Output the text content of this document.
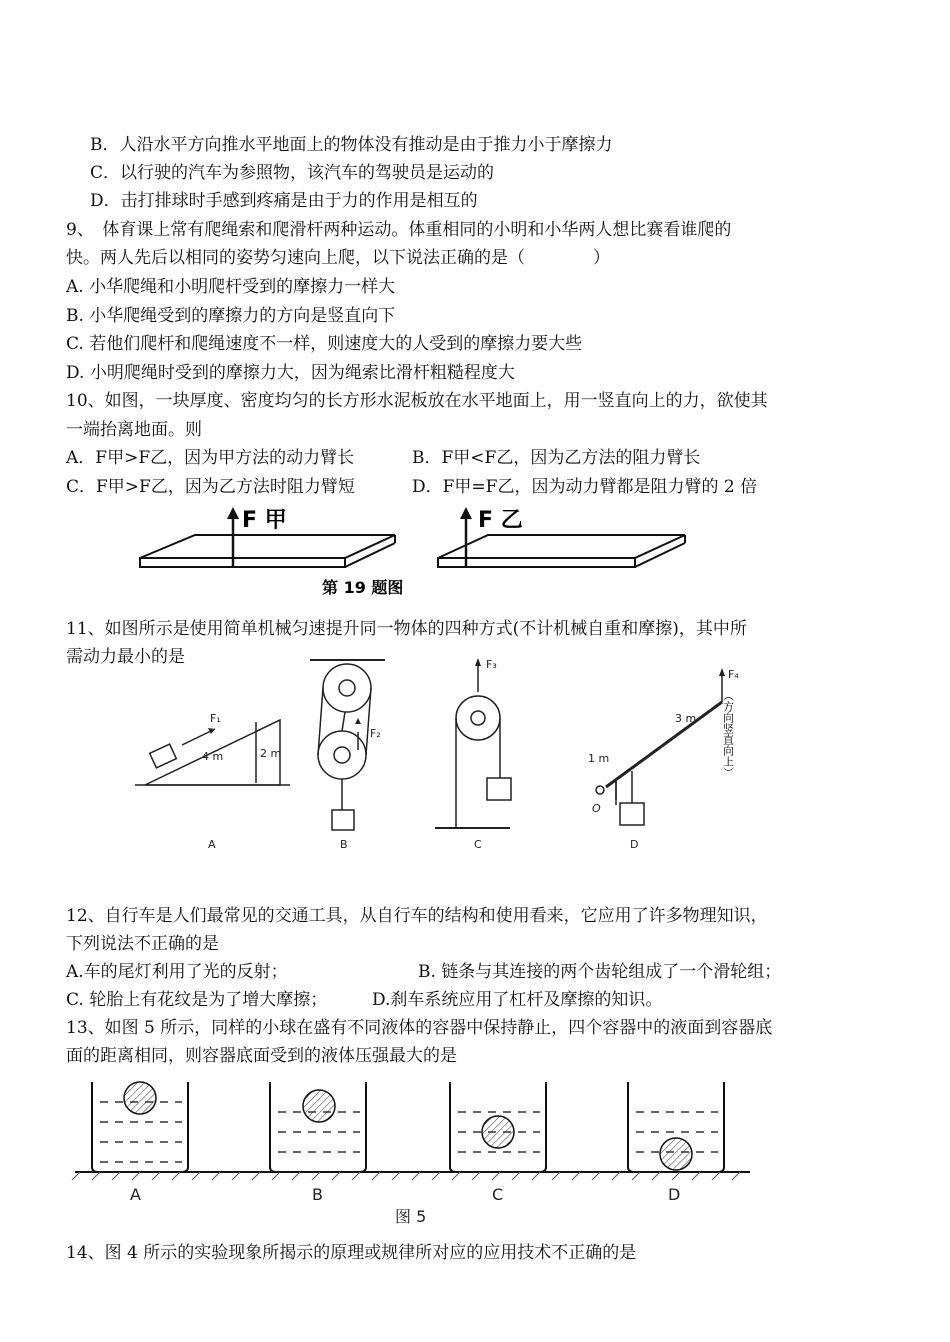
B．人沿水平方向推水平地面上的物体没有推动是由于推力小于摩擦力
C．以行驶的汽车为参照物，该汽车的驾驶员是运动的
D．击打排球时手感到疼痛是由于力的作用是相互的
9、　体育课上常有爬绳索和爬滑杆两种运动。体重相同的小明和小华两人想比赛看谁爬的
快。两人先后以相同的姿势匀速向上爬，以下说法正确的是（　　　　）
A. 小华爬绳和小明爬杆受到的摩擦力一样大
B. 小华爬绳受到的摩擦力的方向是竖直向下
C. 若他们爬杆和爬绳速度不一样，则速度大的人受到的摩擦力要大些
D. 小明爬绳时受到的摩擦力大，因为绳索比滑杆粗糙程度大
10、如图，一块厚度、密度均匀的长方形水泥板放在水平地面上，用一竖直向上的力，欲使其
一端抬离地面。则
A．F甲>F乙，因为甲方法的动力臂长	B．F甲<F乙，因为乙方法的阻力臂长
C．F甲>F乙，因为乙方法时阻力臂短	D．F甲=F乙，因为动力臂都是阻力臂的 2 倍
F 甲	F 乙
第 19 题图
11、如图所示是使用简单机械匀速提升同一物体的四种方式(不计机械自重和摩擦)，其中所
需动力最小的是
F₁
4 m	2 m
F₂
F₃
F₄
3 m
1 m
O
A	B	C	D
（方向竖直向上）
12、自行车是人们最常见的交通工具，从自行车的结构和使用看来，它应用了许多物理知识，
下列说法不正确的是
A.车的尾灯利用了光的反射；	B. 链条与其连接的两个齿轮组成了一个滑轮组；
C. 轮胎上有花纹是为了增大摩擦；	D.刹车系统应用了杠杆及摩擦的知识。
13、如图 5 所示，同样的小球在盛有不同液体的容器中保持静止，四个容器中的液面到容器底
面的距离相同，则容器底面受到的液体压强最大的是
A	B	C	D
图 5
14、图 4 所示的实验现象所揭示的原理或规律所对应的应用技术不正确的是
